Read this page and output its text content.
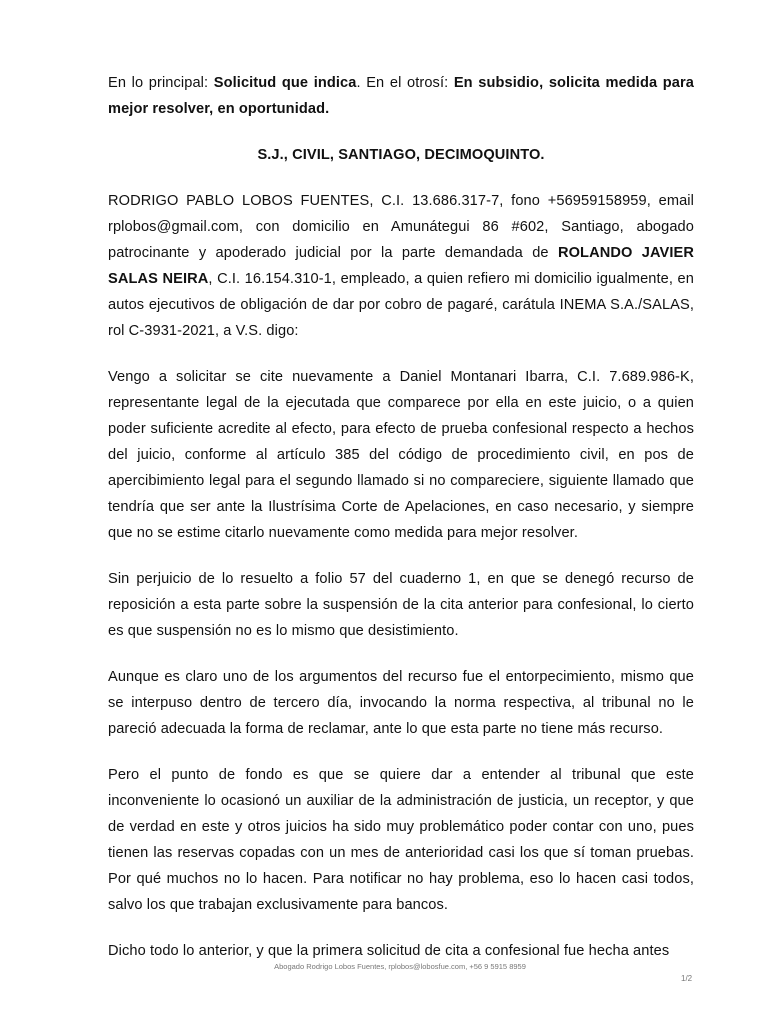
En lo principal: Solicitud que indica. En el otrosí: En subsidio, solicita medida para mejor resolver, en oportunidad.

S.J., CIVIL, SANTIAGO, DECIMOQUINTO.

RODRIGO PABLO LOBOS FUENTES, C.I. 13.686.317-7, fono +56959158959, email rplobos@gmail.com, con domicilio en Amunátegui 86 #602, Santiago, abogado patrocinante y apoderado judicial por la parte demandada de ROLANDO JAVIER SALAS NEIRA, C.I. 16.154.310-1, empleado, a quien refiero mi domicilio igualmente, en autos ejecutivos de obligación de dar por cobro de pagaré, carátula INEMA S.A./SALAS, rol C-3931-2021, a V.S. digo:

Vengo a solicitar se cite nuevamente a Daniel Montanari Ibarra, C.I. 7.689.986-K, representante legal de la ejecutada que comparece por ella en este juicio, o a quien poder suficiente acredite al efecto, para efecto de prueba confesional respecto a hechos del juicio, conforme al artículo 385 del código de procedimiento civil, en pos de apercibimiento legal para el segundo llamado si no compareciere, siguiente llamado que tendría que ser ante la Ilustrísima Corte de Apelaciones, en caso necesario, y siempre que no se estime citarlo nuevamente como medida para mejor resolver.

Sin perjuicio de lo resuelto a folio 57 del cuaderno 1, en que se denegó recurso de reposición a esta parte sobre la suspensión de la cita anterior para confesional, lo cierto es que suspensión no es lo mismo que desistimiento.

Aunque es claro uno de los argumentos del recurso fue el entorpecimiento, mismo que se interpuso dentro de tercero día, invocando la norma respectiva, al tribunal no le pareció adecuada la forma de reclamar, ante lo que esta parte no tiene más recurso.

Pero el punto de fondo es que se quiere dar a entender al tribunal que este inconveniente lo ocasionó un auxiliar de la administración de justicia, un receptor, y que de verdad en este y otros juicios ha sido muy problemático poder contar con uno, pues tienen las reservas copadas con un mes de anterioridad casi los que sí toman pruebas. Por qué muchos no lo hacen. Para notificar no hay problema, eso lo hacen casi todos, salvo los que trabajan exclusivamente para bancos.

Dicho todo lo anterior, y que la primera solicitud de cita a confesional fue hecha antes

Abogado Rodrigo Lobos Fuentes, rplobos@lobosfue.com, +56 9 5915 8959
1/2
